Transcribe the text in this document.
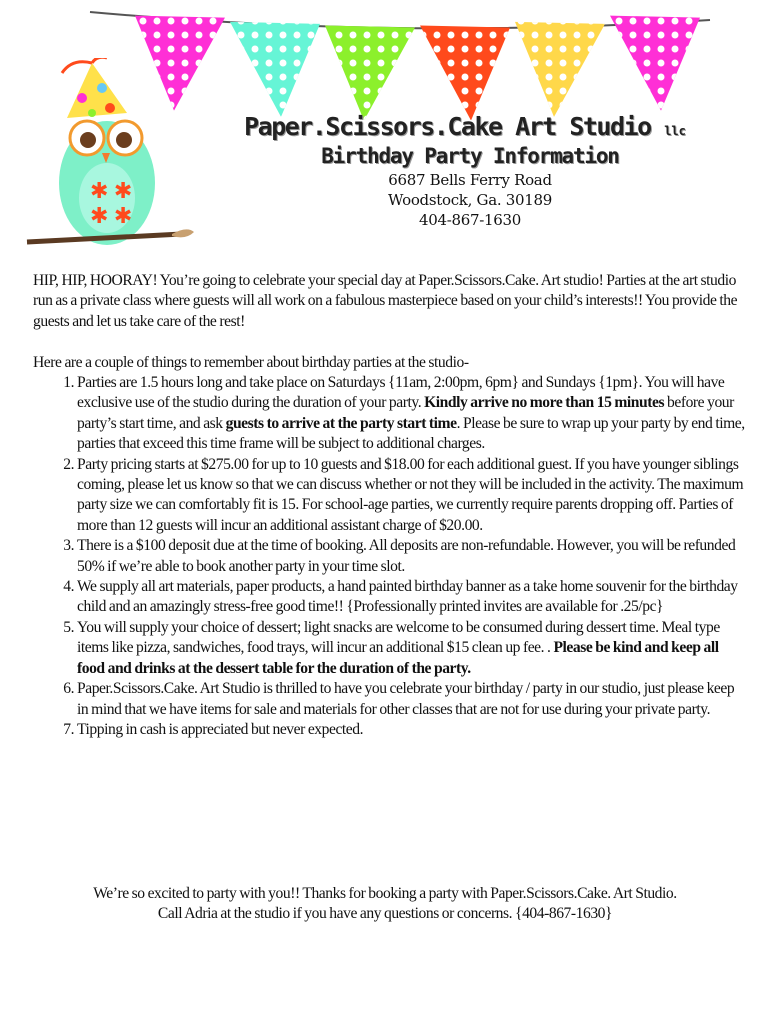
✱ ✱
✱ ✱
Paper.Scissors.Cake Art Studio llc
Birthday Party Information
6687 Bells Ferry Road
Woodstock, Ga. 30189
404-867-1630

HIP, HIP, HOORAY! You’re going to celebrate your special day at Paper.Scissors.Cake. Art studio! Parties at the art studio run as a private class where guests will all work on a fabulous masterpiece based on your child’s interests!! You provide the guests and let us take care of the rest!

Here are a couple of things to remember about birthday parties at the studio-

1. Parties are 1.5 hours long and take place on Saturdays {11am, 2:00pm, 6pm} and Sundays {1pm}. You will have exclusive use of the studio during the duration of your party. Kindly arrive no more than 15 minutes before your party’s start time, and ask guests to arrive at the party start time. Please be sure to wrap up your party by end time, parties that exceed this time frame will be subject to additional charges.
2. Party pricing starts at $275.00 for up to 10 guests and $18.00 for each additional guest. If you have younger siblings coming, please let us know so that we can discuss whether or not they will be included in the activity. The maximum party size we can comfortably fit is 15. For school-age parties, we currently require parents dropping off. Parties of more than 12 guests will incur an additional assistant charge of $20.00.
3. There is a $100 deposit due at the time of booking. All deposits are non-refundable. However, you will be refunded 50% if we’re able to book another party in your time slot.
4. We supply all art materials, paper products, a hand painted birthday banner as a take home souvenir for the birthday child and an amazingly stress-free good time!! {Professionally printed invites are available for .25/pc}
5. You will supply your choice of dessert; light snacks are welcome to be consumed during dessert time. Meal type items like pizza, sandwiches, food trays, will incur an additional $15 clean up fee. . Please be kind and keep all food and drinks at the dessert table for the duration of the party.
6. Paper.Scissors.Cake. Art Studio is thrilled to have you celebrate your birthday / party in our studio, just please keep in mind that we have items for sale and materials for other classes that are not for use during your private party.
7. Tipping in cash is appreciated but never expected.
We’re so excited to party with you!! Thanks for booking a party with Paper.Scissors.Cake. Art Studio.
Call Adria at the studio if you have any questions or concerns. {404-867-1630}
